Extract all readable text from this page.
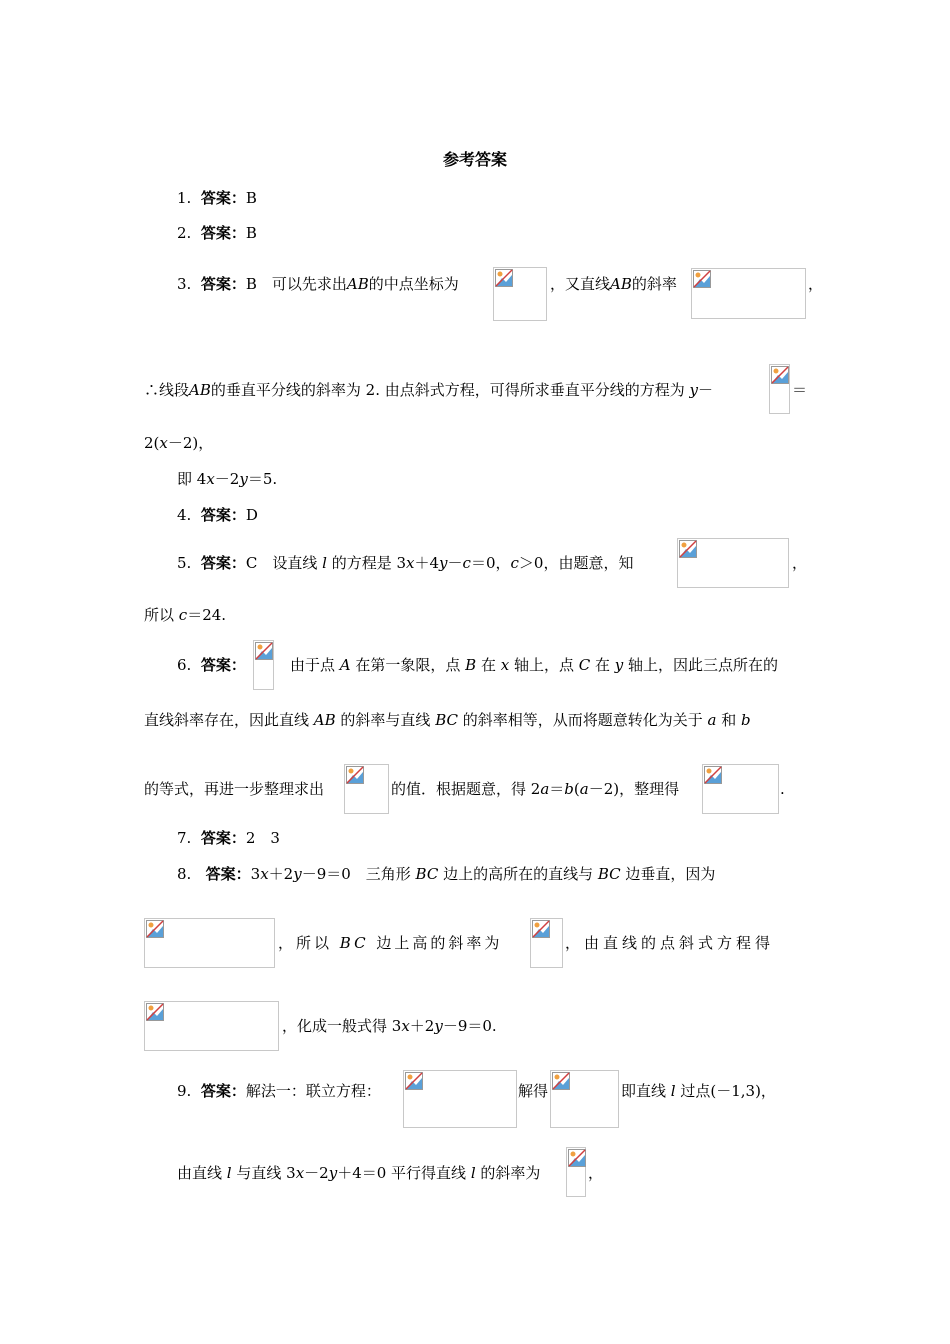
参考答案
1. 答案：B
2. 答案：B
3. 答案：B　可以先求出AB的中点坐标为	，又直线AB的斜率	，
∴线段AB的垂直平分线的斜率为 2. 由点斜式方程，可得所求垂直平分线的方程为 y－	＝
2(x－2)，
即 4x－2y＝5.
4. 答案：D
5. 答案：C　设直线 l 的方程是 3x＋4y－c＝0，c＞0，由题意，知	，
所以 c＝24.
6. 答案：	由于点 A 在第一象限，点 B 在 x 轴上，点 C 在 y 轴上，因此三点所在的
直线斜率存在，因此直线 AB 的斜率与直线 BC 的斜率相等，从而将题意转化为关于 a 和 b
的等式，再进一步整理求出	的值．根据题意，得 2a＝b(a－2)，整理得	.
7. 答案：2　3
8. 答案：3x＋2y－9＝0　三角形 BC 边上的高所在的直线与 BC 边垂直，因为
，所以 BC 边上高的斜率为	，由直线的点斜式方程得
，化成一般式得 3x＋2y－9＝0.
9. 答案：解法一：联立方程：	解得	即直线 l 过点(－1,3)，
由直线 l 与直线 3x－2y＋4＝0 平行得直线 l 的斜率为	，
